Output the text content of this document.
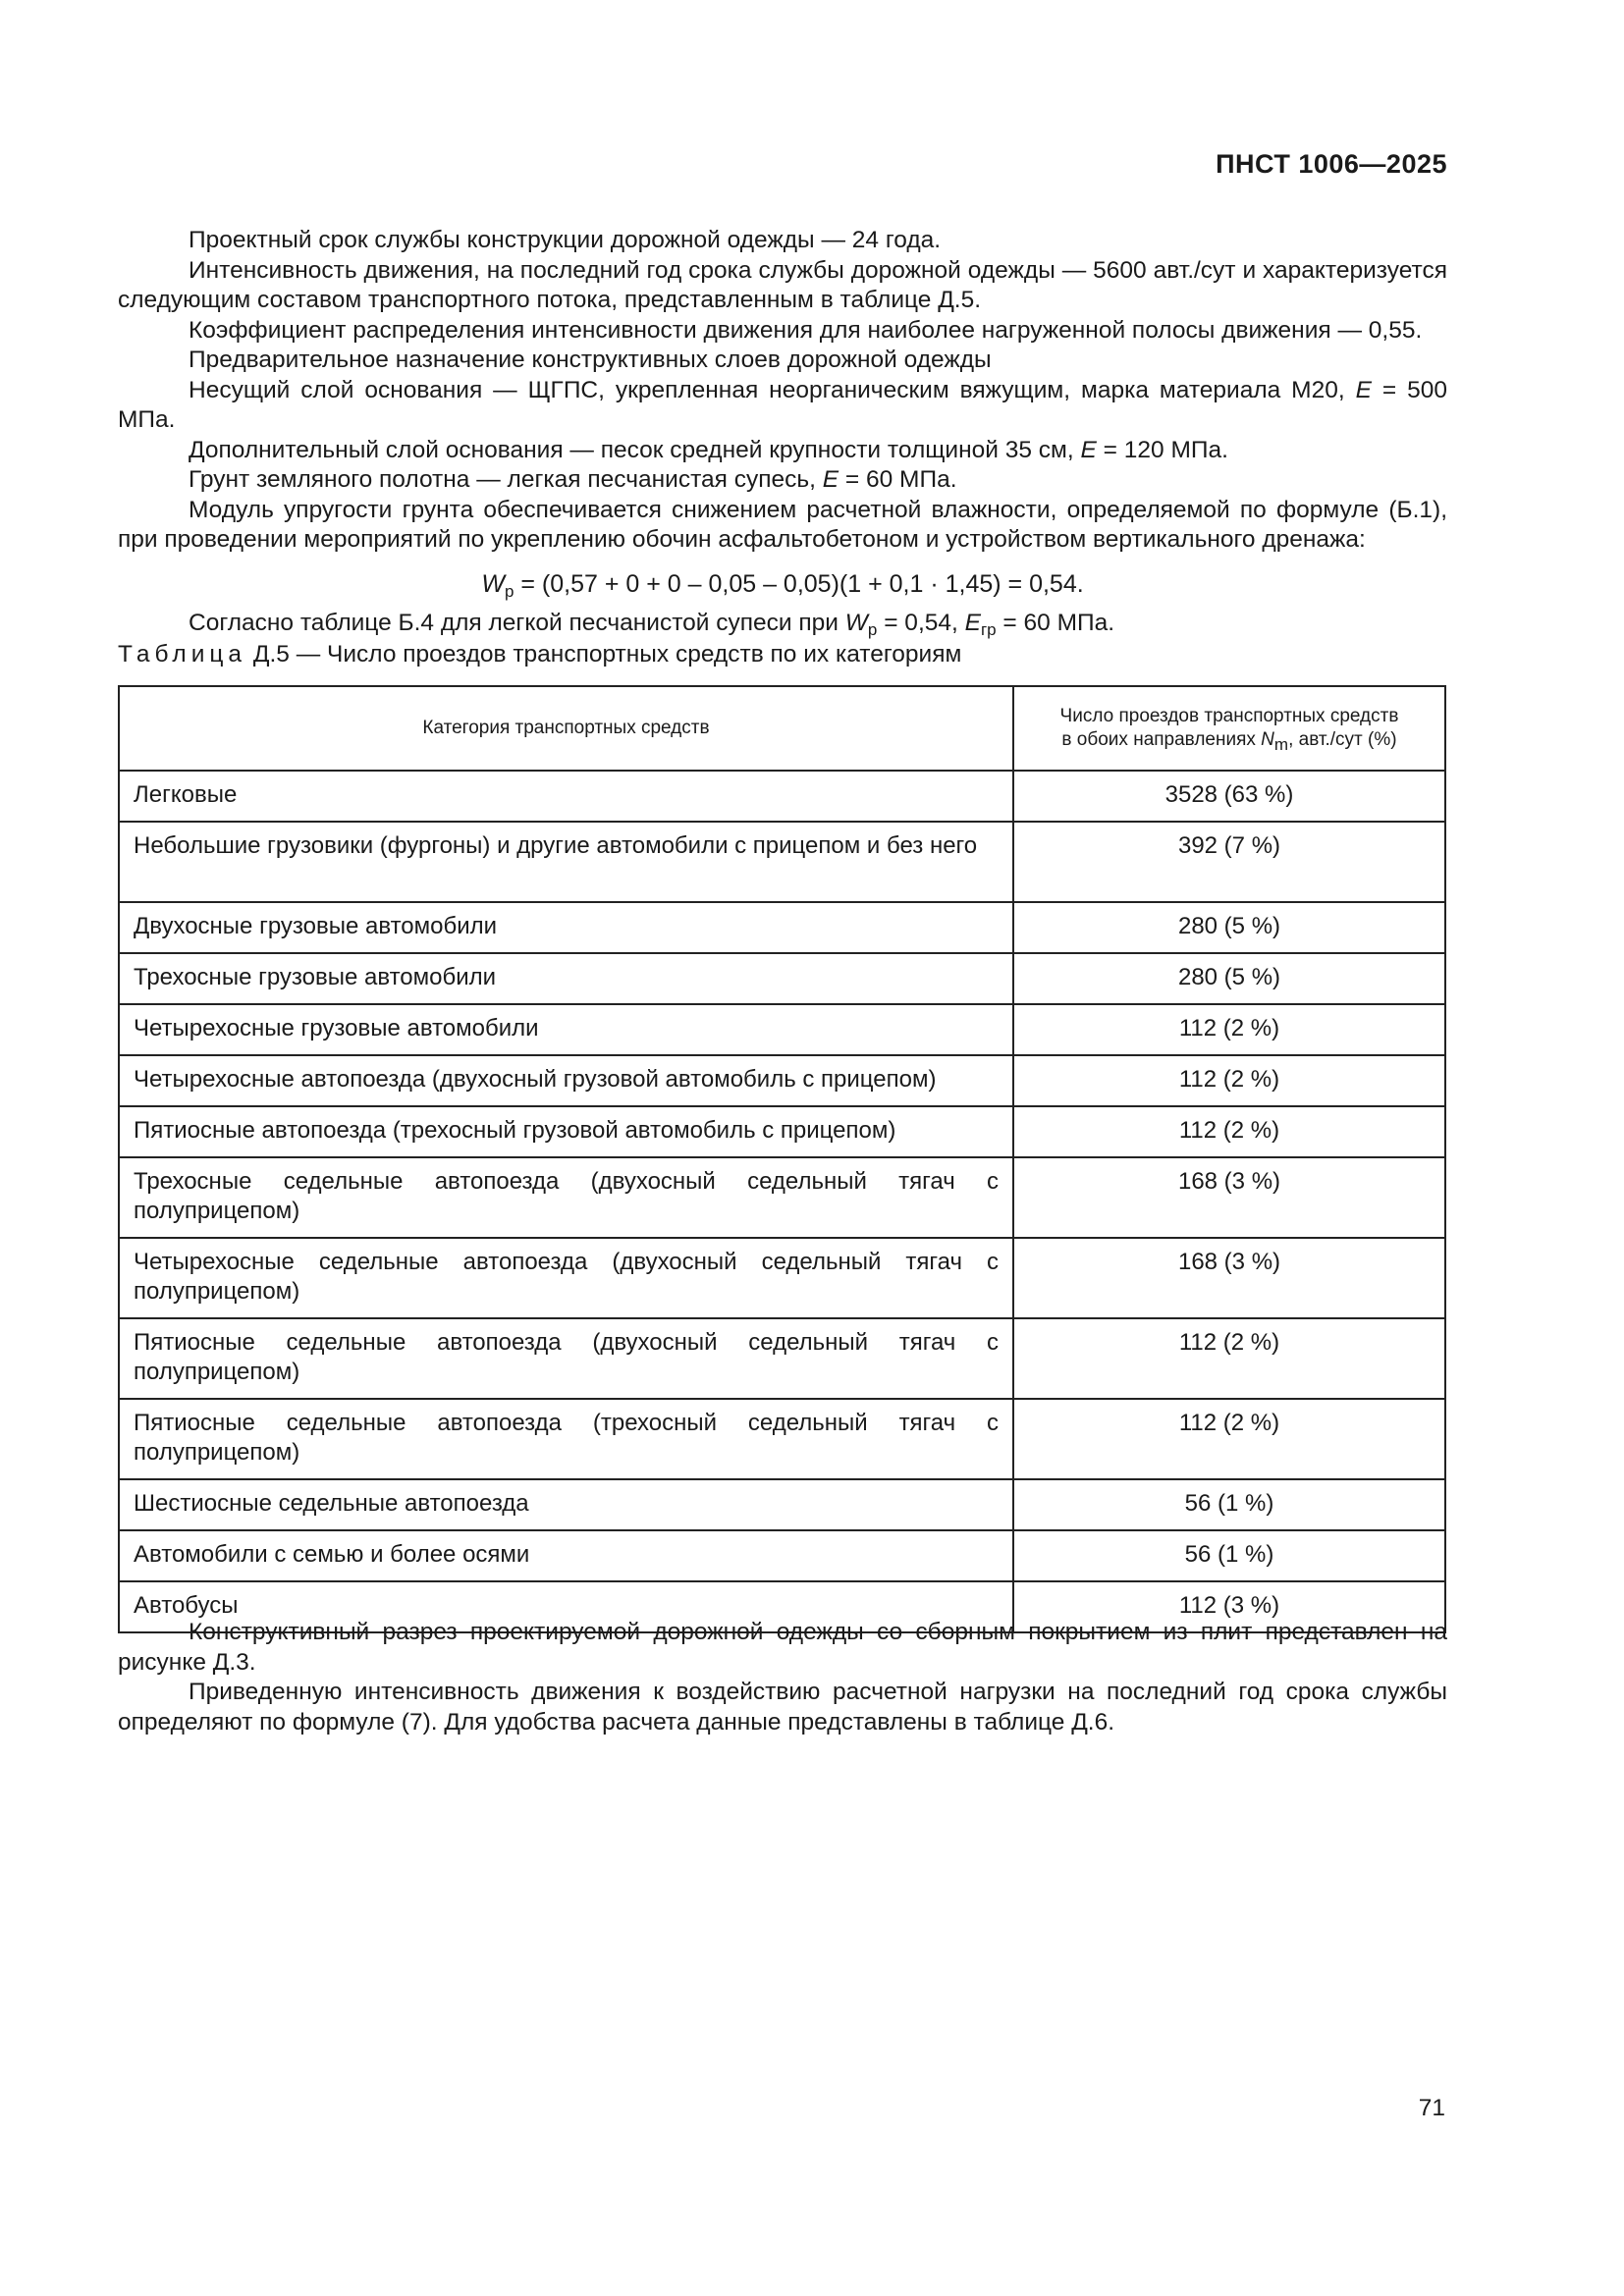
ПНСТ 1006—2025

Проектный срок службы конструкции дорожной одежды — 24 года.

Интенсивность движения, на последний год срока службы дорожной одежды — 5600 авт./сут и характеризуется следующим составом транспортного потока, представленным в таблице Д.5.

Коэффициент распределения интенсивности движения для наиболее нагруженной полосы движения — 0,55.

Предварительное назначение конструктивных слоев дорожной одежды

Несущий слой основания — ЩГПС, укрепленная неорганическим вяжущим, марка материала М20, E = 500 МПа.

Дополнительный слой основания — песок средней крупности толщиной 35 см, E = 120 МПа.

Грунт земляного полотна — легкая песчанистая супесь, E = 60 МПа.

Модуль упругости грунта обеспечивается снижением расчетной влажности, определяемой по формуле (Б.1), при проведении мероприятий по укреплению обочин асфальтобетоном и устройством вертикального дренажа:

$W_р = (0,57 + 0 + 0 - 0,05 - 0,05)(1 + 0,1 \cdot 1,45) = 0,54$.

Согласно таблице Б.4 для легкой песчанистой супеси при $W_р = 0,54$, $E_{гр} = 60$ МПа.

Таблица Д.5 — Число проездов транспортных средств по их категориям
Категория транспортных средств	Число проездов транспортных средств
в обоих направлениях $N_m$, авт./сут (%)
Легковые	3528 (63 %)
Небольшие грузовики (фургоны) и другие автомобили с прицепом и без него	392 (7 %)
Двухосные грузовые автомобили	280 (5 %)
Трехосные грузовые автомобили	280 (5 %)
Четырехосные грузовые автомобили	112 (2 %)
Четырехосные автопоезда (двухосный грузовой автомобиль с прицепом)	112 (2 %)
Пятиосные автопоезда (трехосный грузовой автомобиль с прицепом)	112 (2 %)
Трехосные седельные автопоезда (двухосный седельный тягач с полуприцепом)	168 (3 %)
Четырехосные седельные автопоезда (двухосный седельный тягач с полуприцепом)	168 (3 %)
Пятиосные седельные автопоезда (двухосный седельный тягач с полуприцепом)	112 (2 %)
Пятиосные седельные автопоезда (трехосный седельный тягач с полуприцепом)	112 (2 %)
Шестиосные седельные автопоезда	56 (1 %)
Автомобили с семью и более осями	56 (1 %)
Автобусы	112 (3 %)

Конструктивный разрез проектируемой дорожной одежды со сборным покрытием из плит представлен на рисунке Д.3.

Приведенную интенсивность движения к воздействию расчетной нагрузки на последний год срока службы определяют по формуле (7). Для удобства расчета данные представлены в таблице Д.6.

71
